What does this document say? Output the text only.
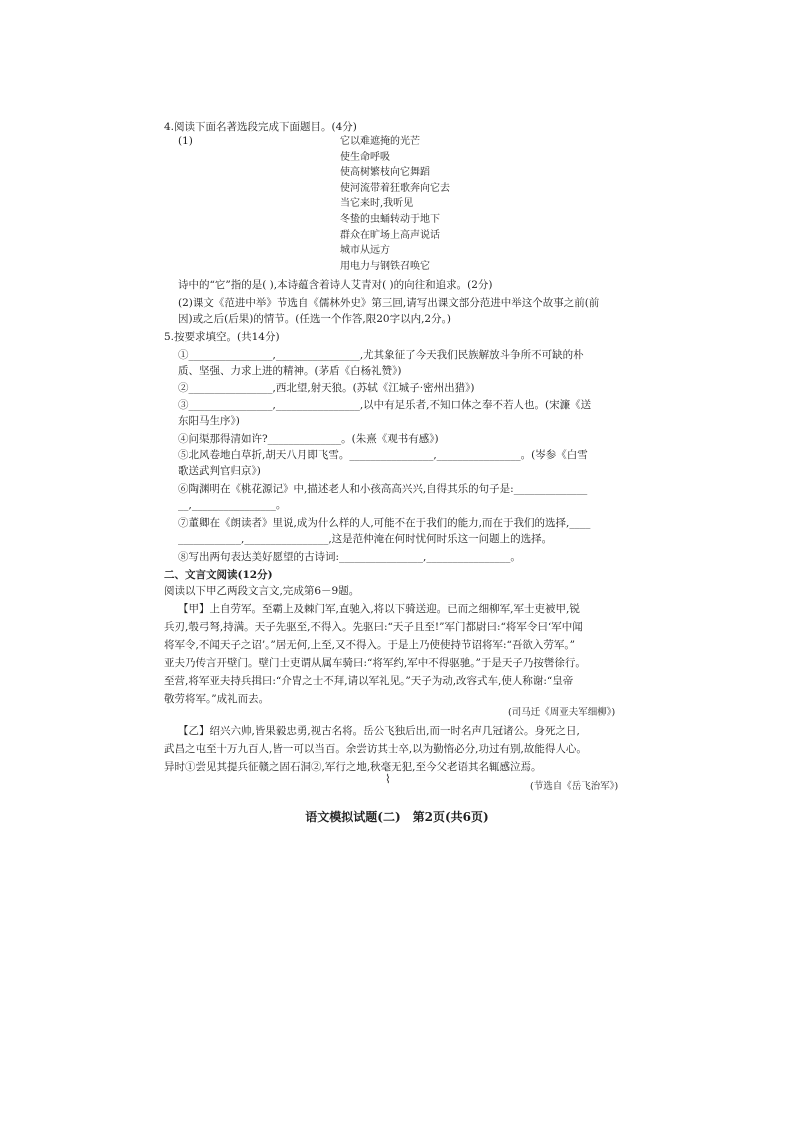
4.阅读下面名著选段完成下面题目。(4分)
(1)	它以难遮掩的光芒
使生命呼吸
使高树繁枝向它舞蹈
使河流带着狂歌奔向它去
当它来时,我听见
冬蛰的虫蛹转动于地下
群众在旷场上高声说话
城市从远方
用电力与钢铁召唤它
诗中的“它”指的是( ),本诗蕴含着诗人艾青对( )的向往和追求。(2分)
(2)课文《范进中举》节选自《儒林外史》第三回,请写出课文部分范进中举这个故事之前(前
因)或之后(后果)的情节。(任选一个作答,限20字以内,2分。)
5.按要求填空。(共14分)
①________________,________________,尤其象征了今天我们民族解放斗争所不可缺的朴
质、坚强、力求上进的精神。(茅盾《白杨礼赞》)
②________________,西北望,射天狼。(苏轼《江城子·密州出猎》)
③________________,________________,以中有足乐者,不知口体之奉不若人也。(宋濂《送
东阳马生序》)
④问渠那得清如许?______________。(朱熹《观书有感》)
⑤北风卷地白草折,胡天八月即飞雪。________________,________________。(岑参《白雪
歌送武判官归京》)
⑥陶渊明在《桃花源记》中,描述老人和小孩高高兴兴,自得其乐的句子是:______________
__,________________。
⑦董卿在《朗读者》里说,成为什么样的人,可能不在于我们的能力,而在于我们的选择,____
____________,________________,这是范仲淹在何时忧何时乐这一问题上的选择。
⑧写出两句表达美好愿望的古诗词:________________,________________。
二、文言文阅读(12分)
阅读以下甲乙两段文言文,完成第6－9题。
【甲】上自劳军。至霸上及棘门军,直驰入,将以下骑送迎。已而之细柳军,军士吏被甲,锐
兵刃,彀弓弩,持满。天子先驱至,不得入。先驱曰:“天子且至!”军门都尉曰:“将军令曰‘军中闻
将军令,不闻天子之诏’。”居无何,上至,又不得入。于是上乃使使持节诏将军:“吾欲入劳军。”
亚夫乃传言开壁门。壁门士吏谓从属车骑曰:“将军约,军中不得驱驰。”于是天子乃按辔徐行。
至营,将军亚夫持兵揖曰:“介胄之士不拜,请以军礼见。”天子为动,改容式车,使人称谢:“皇帝
敬劳将军。”成礼而去。
(司马迁《周亚夫军细柳》)
【乙】绍兴六帅,皆果毅忠勇,视古名将。岳公飞独后出,而一时名声几冠诸公。身死之日,
武昌之屯至十万九百人,皆一可以当百。余尝访其士卒,以为勤惰必分,功过有别,故能得人心。
异时①尝见其提兵征赣之固石洞②,军行之地,秋毫无犯,至今父老语其名辄感泣焉。
(节选自《岳飞治军》)
⌇
语文模拟试题(二)　第2页(共6页)
